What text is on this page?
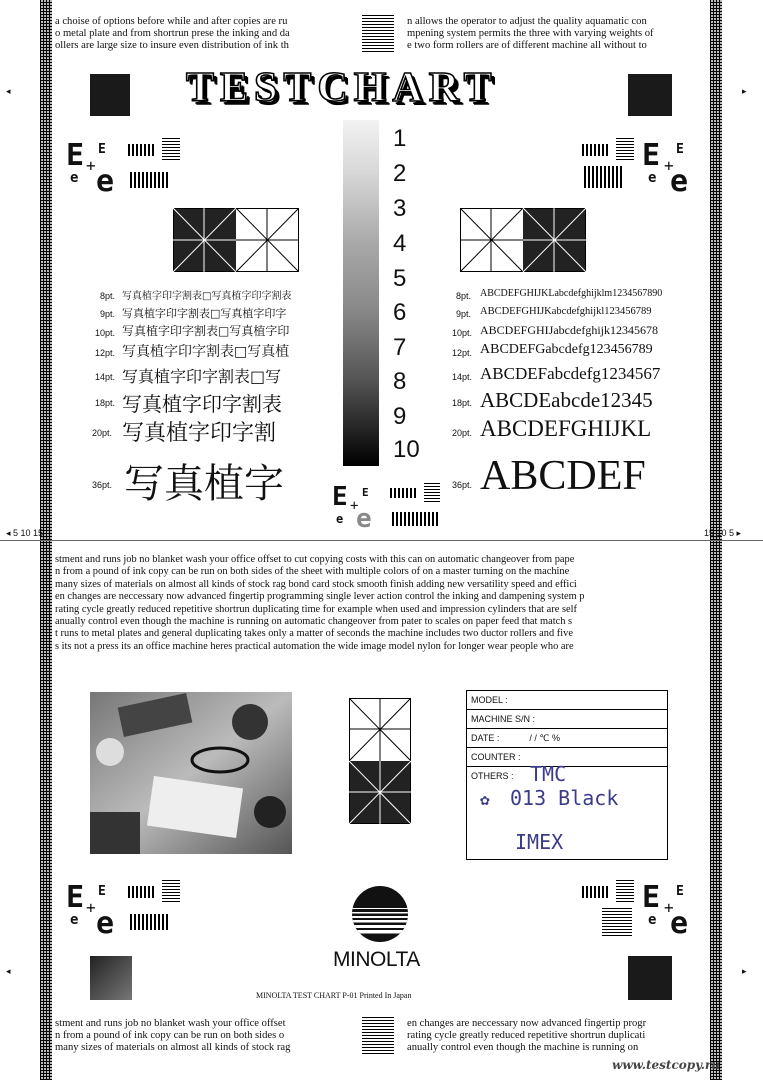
◂	▸
◂	▸
a choise of options before while and after copies are ru
o metal plate and from shortrun prese the inking and da
ollers are large size to insure even distribution of ink th
n allows the operator to adjust the quality aquamatic con
mpening system permits the three with varying weights of
e two form rollers are of different machine all without to
TESTCHART
1
2
3
4
5
6
7
8
9
10
E E
+
e e
E E
+
e e
8pt. 写真植字印字割表□写真植字印字割表
9pt. 写真植字印字割表□写真植字印字
10pt. 写真植字印字割表□写真植字印
12pt. 写真植字印字割表□写真植
14pt. 写真植字印字割表□写
18pt. 写真植字印字割表
20pt. 写真植字印字割
36pt. 写真植字
8pt. ABCDEFGHIJKLabcdefghijklm1234567890
9pt. ABCDEFGHIJKabcdefghijkl123456789
10pt. ABCDEFGHIJabcdefghijk12345678
12pt. ABCDEFGabcdefg123456789
14pt. ABCDEFabcdefg1234567
18pt. ABCDEabcde12345
20pt. ABCDEFGHIJKL
36pt. ABCDEF
E E
+
e e
◂ 5 10 15	15 10 5 ▸
stment and runs job no blanket wash your office offset to cut copying costs with this can on automatic changeover from pape
n from a pound of ink copy can be run on both sides of the sheet with multiple colors of on a master turning on the machine
many sizes of materials on almost all kinds of stock rag bond card stock smooth finish adding new versatility speed and effici
en changes are neccessary now advanced fingertip programming single lever action control the inking and dampening system p
rating cycle greatly reduced repetitive shortrun duplicating time for example when used and impression cylinders that are self
anually control even though the machine is running on automatic changeover from pater to scales on paper feed that match s
t runs to metal plates and general duplicating takes only a matter of seconds the machine includes two ductor rollers and five
s its not a press its an office machine heres practical automation the wide image model nylon for longer wear people who are
MODEL :
MACHINE S/N :
DATE :	/ / ℃ %
COUNTER :
OTHERS : TMC
✿ 013 Black
IMEX
E E
+
e e
E E
+
e e
MINOLTA
MINOLTA TEST CHART P-01 Printed In Japan
stment and runs job no blanket wash your office offset
n from a pound of ink copy can be run on both sides o
many sizes of materials on almost all kinds of stock rag
en changes are neccessary now advanced fingertip progr
rating cycle greatly reduced repetitive shortrun duplicati
anually control even though the machine is running on
www.testcopy.ru
